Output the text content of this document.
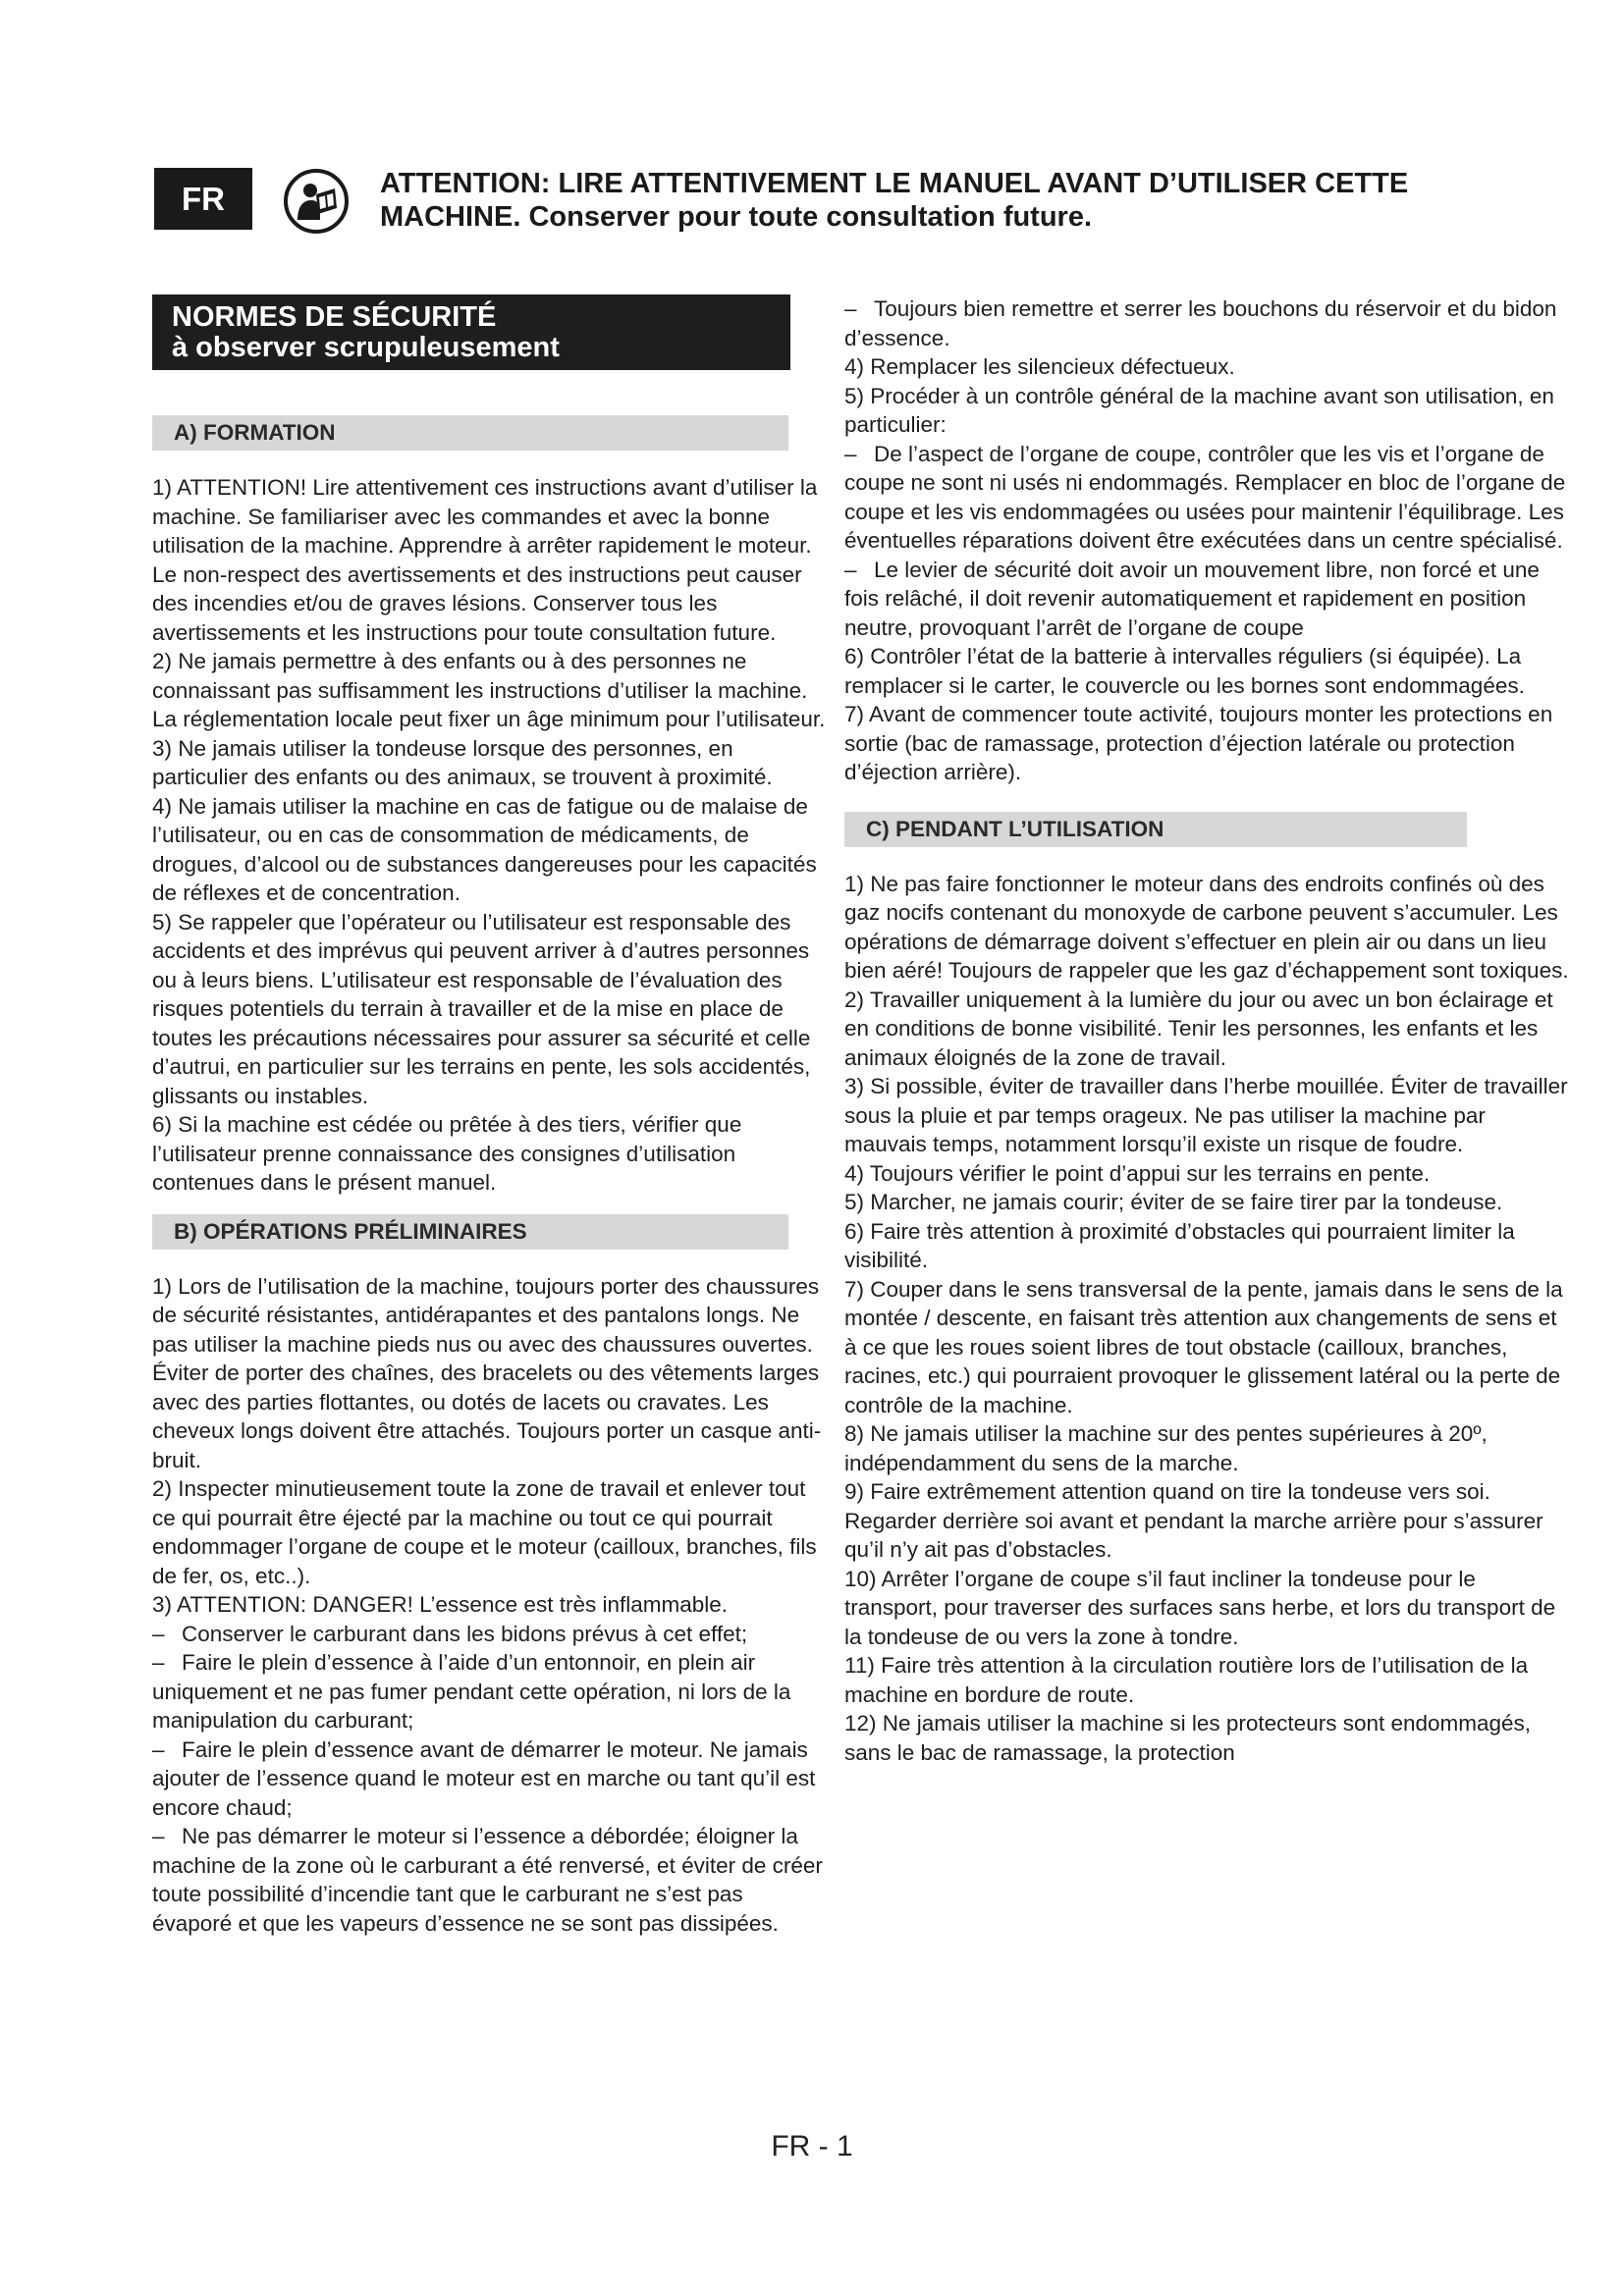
FR	ATTENTION: LIRE ATTENTIVEMENT LE MANUEL AVANT D’UTILISER CETTE MACHINE. Conserver pour toute consultation future.
NORMES DE SÉCURITÉ
à observer scrupuleusement
A) FORMATION

1) ATTENTION! Lire attentivement ces instructions avant d’utiliser la machine. Se familiariser avec les commandes et avec la bonne utilisation de la machine. Apprendre à arrêter rapidement le moteur. Le non-respect des avertissements et des instructions peut causer des incendies et/ou de graves lésions. Conserver tous les avertissements et les instructions pour toute consultation future.

2) Ne jamais permettre à des enfants ou à des personnes ne connaissant pas suffisamment les instructions d’utiliser la machine. La réglementation locale peut fixer un âge minimum pour l’utilisateur.

3) Ne jamais utiliser la tondeuse lorsque des personnes, en particulier des enfants ou des animaux, se trouvent à proximité.

4) Ne jamais utiliser la machine en cas de fatigue ou de malaise de l’utilisateur, ou en cas de consommation de médicaments, de drogues, d’alcool ou de substances dangereuses pour les capacités de réflexes et de concentration.

5) Se rappeler que l’opérateur ou l’utilisateur est responsable des accidents et des imprévus qui peuvent arriver à d’autres personnes ou à leurs biens. L’utilisateur est responsable de l’évaluation des risques potentiels du terrain à travailler et de la mise en place de toutes les précautions nécessaires pour assurer sa sécurité et celle d’autrui, en particulier sur les terrains en pente, les sols accidentés, glissants ou instables.

6) Si la machine est cédée ou prêtée à des tiers, vérifier que l’utilisateur prenne connaissance des consignes d’utilisation contenues dans le présent manuel.

B) OPÉRATIONS PRÉLIMINAIRES

1) Lors de l’utilisation de la machine, toujours porter des chaussures de sécurité résistantes, antidérapantes et des pantalons longs. Ne pas utiliser la machine pieds nus ou avec des chaussures ouvertes. Éviter de porter des chaînes, des bracelets ou des vêtements larges avec des parties flottantes, ou dotés de lacets ou cravates. Les cheveux longs doivent être attachés. Toujours porter un casque anti-bruit.

2) Inspecter minutieusement toute la zone de travail et enlever tout ce qui pourrait être éjecté par la machine ou tout ce qui pourrait endommager l’organe de coupe et le moteur (cailloux, branches, fils de fer, os, etc..).

3) ATTENTION: DANGER! L’essence est très inflammable.

– Conserver le carburant dans les bidons prévus à cet effet;
– Faire le plein d’essence à l’aide d’un entonnoir, en plein air uniquement et ne pas fumer pendant cette opération, ni lors de la manipulation du carburant;
– Faire le plein d’essence avant de démarrer le moteur. Ne jamais ajouter de l’essence quand le moteur est en marche ou tant qu’il est encore chaud;
– Ne pas démarrer le moteur si l’essence a débordée; éloigner la machine de la zone où le carburant a été renversé, et éviter de créer toute possibilité d’incendie tant que le carburant ne s’est pas évaporé et que les vapeurs d’essence ne se sont pas dissipées.
– Toujours bien remettre et serrer les bouchons du réservoir et du bidon d’essence.

4) Remplacer les silencieux défectueux.

5) Procéder à un contrôle général de la machine avant son utilisation, en particulier:

– De l’aspect de l’organe de coupe, contrôler que les vis et l’organe de coupe ne sont ni usés ni endommagés. Remplacer en bloc de l’organe de coupe et les vis endommagées ou usées pour maintenir l’équilibrage. Les éventuelles réparations doivent être exécutées dans un centre spécialisé.
– Le levier de sécurité doit avoir un mouvement libre, non forcé et une fois relâché, il doit revenir automatiquement et rapidement en position neutre, provoquant l’arrêt de l’organe de coupe

6) Contrôler l’état de la batterie à intervalles réguliers (si équipée). La remplacer si le carter, le couvercle ou les bornes sont endommagées.

7) Avant de commencer toute activité, toujours monter les protections en sortie (bac de ramassage, protection d’éjection latérale ou protection d’éjection arrière).

C) PENDANT L’UTILISATION

1) Ne pas faire fonctionner le moteur dans des endroits confinés où des gaz nocifs contenant du monoxyde de carbone peuvent s’accumuler. Les opérations de démarrage doivent s’effectuer en plein air ou dans un lieu bien aéré! Toujours de rappeler que les gaz d’échappement sont toxiques.

2) Travailler uniquement à la lumière du jour ou avec un bon éclairage et en conditions de bonne visibilité. Tenir les personnes, les enfants et les animaux éloignés de la zone de travail.

3) Si possible, éviter de travailler dans l’herbe mouillée. Éviter de travailler sous la pluie et par temps orageux. Ne pas utiliser la machine par mauvais temps, notamment lorsqu’il existe un risque de foudre.

4) Toujours vérifier le point d’appui sur les terrains en pente.

5) Marcher, ne jamais courir; éviter de se faire tirer par la tondeuse.

6) Faire très attention à proximité d’obstacles qui pourraient limiter la visibilité.

7) Couper dans le sens transversal de la pente, jamais dans le sens de la montée / descente, en faisant très attention aux changements de sens et à ce que les roues soient libres de tout obstacle (cailloux, branches, racines, etc.) qui pourraient provoquer le glissement latéral ou la perte de contrôle de la machine.

8) Ne jamais utiliser la machine sur des pentes supérieures à 20º, indépendamment du sens de la marche.

9) Faire extrêmement attention quand on tire la tondeuse vers soi. Regarder derrière soi avant et pendant la marche arrière pour s’assurer qu’il n’y ait pas d’obstacles.

10) Arrêter l’organe de coupe s’il faut incliner la tondeuse pour le transport, pour traverser des surfaces sans herbe, et lors du transport de la tondeuse de ou vers la zone à tondre.

11) Faire très attention à la circulation routière lors de l’utilisation de la machine en bordure de route.

12) Ne jamais utiliser la machine si les protecteurs sont endommagés, sans le bac de ramassage, la protection

FR - 1
